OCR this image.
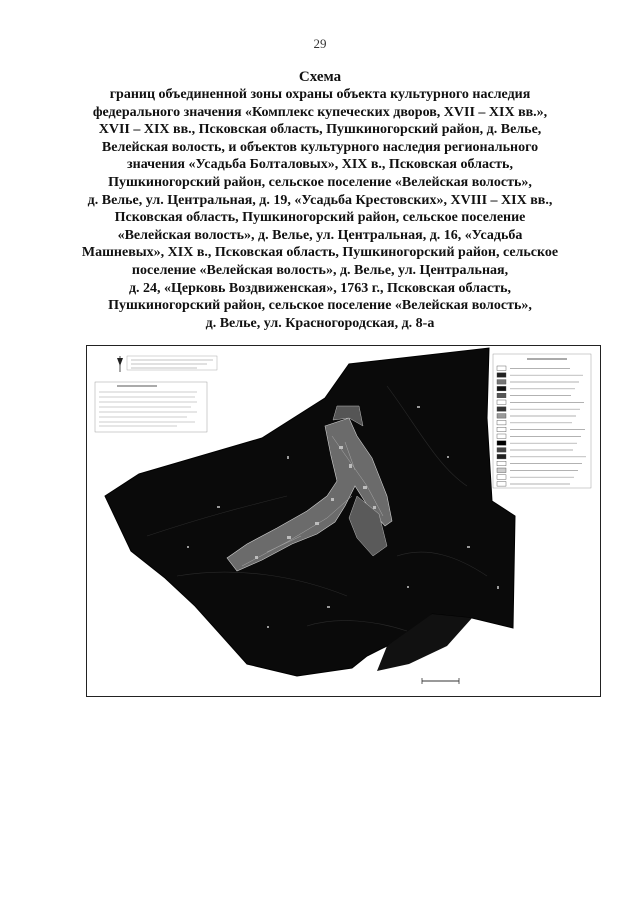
29
Схема
границ объединенной зоны охраны объекта культурного наследия
федерального значения «Комплекс купеческих дворов, XVII – XIX вв.»,
XVII – XIX вв., Псковская область, Пушкиногорский район, д. Велье,
Велейская волость, и объектов культурного наследия регионального
значения «Усадьба Болталовых», XIX в., Псковская область,
Пушкиногорский район, сельское поселение «Велейская волость»,
д. Велье, ул. Центральная, д. 19, «Усадьба Крестовских», XVIII – XIX вв.,
Псковская область, Пушкиногорский район, сельское поселение
«Велейская волость», д. Велье, ул. Центральная, д. 16, «Усадьба
Машневых», XIX в., Псковская область, Пушкиногорский район, сельское
поселение «Велейская волость», д. Велье, ул. Центральная,
д. 24, «Церковь Воздвиженская», 1763 г., Псковская область,
Пушкиногорский район, сельское поселение «Велейская волость»,
д. Велье, ул. Красногородская, д. 8-а
